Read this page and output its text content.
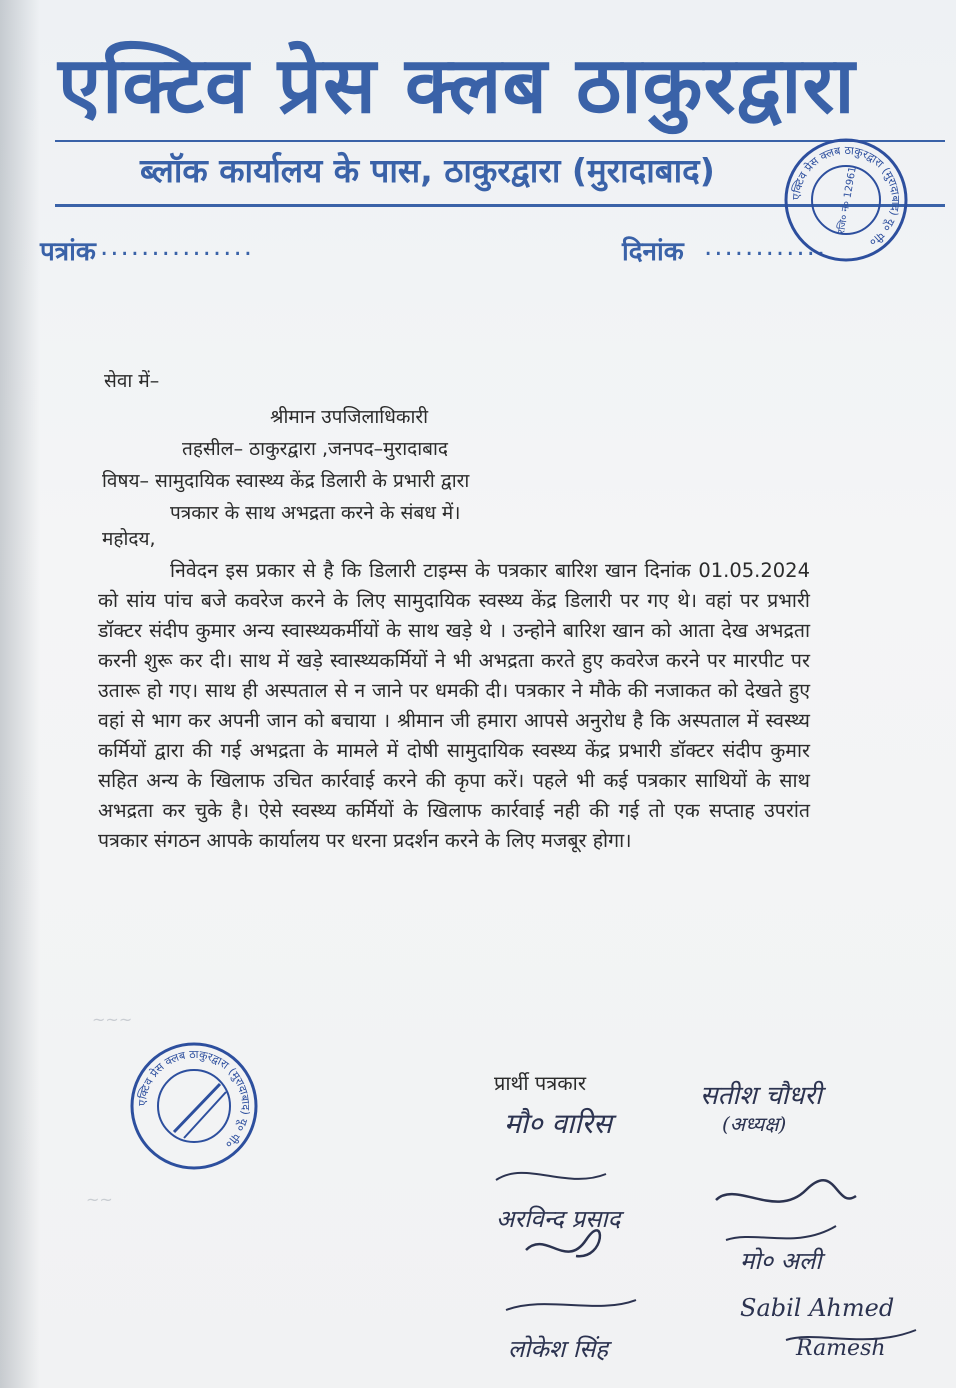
एक्टिव प्रेस क्लब ठाकुरद्वारा
ब्लॉक कार्यालय के पास, ठाकुरद्वारा (मुरादाबाद)
पत्रांक ...............	दिनांक ............
एक्टिव प्रेस क्लब ठाकुरद्वारा (मुरादाबाद) यू० पी०
रजि० नं० 12961
सेवा में–
श्रीमान उपजिलाधिकारी
तहसील– ठाकुरद्वारा ,जनपद–मुरादाबाद
विषय– सामुदायिक स्वास्थ्य केंद्र डिलारी के प्रभारी द्वारा
पत्रकार के साथ अभद्रता करने के संबध में।
महोदय,
निवेदन इस प्रकार से है कि डिलारी टाइम्स के पत्रकार बारिश खान दिनांक 01.05.2024 को सांय पांच बजे कवरेज करने के लिए सामुदायिक स्वस्थ्य केंद्र डिलारी पर गए थे। वहां पर प्रभारी डॉक्टर संदीप कुमार अन्य स्वास्थ्यकर्मीयों के साथ खड़े थे । उन्होने बारिश खान को आता देख अभद्रता करनी शुरू कर दी। साथ में खड़े स्वास्थ्यकर्मियों ने भी अभद्रता करते हुए कवरेज करने पर मारपीट पर उतारू हो गए। साथ ही अस्पताल से न जाने पर धमकी दी। पत्रकार ने मौके की नजाकत को देखते हुए वहां से भाग कर अपनी जान को बचाया । श्रीमान जी हमारा आपसे अनुरोध है कि अस्पताल में स्वस्थ्य कर्मियों द्वारा की गई अभद्रता के मामले में दोषी सामुदायिक स्वस्थ्य केंद्र प्रभारी डॉक्टर संदीप कुमार सहित अन्य के खिलाफ उचित कार्रवाई करने की कृपा करें। पहले भी कई पत्रकार साथियों के साथ अभद्रता कर चुके है। ऐसे स्वस्थ्य कर्मियों के खिलाफ कार्रवाई नही की गई तो एक सप्ताह उपरांत पत्रकार संगठन आपके कार्यालय पर धरना प्रदर्शन करने के लिए मजबूर होगा।
~~~
~~
एक्टिव प्रेस क्लब ठाकुरद्वारा (मुरादाबाद) यू० पी०
प्रार्थी पत्रकार
मौ० वारिस
सतीश चौधरी
(अध्यक्ष)
अरविन्द प्रसाद
लोकेश सिंह
मो० अली
Sabil Ahmed
Ramesh
